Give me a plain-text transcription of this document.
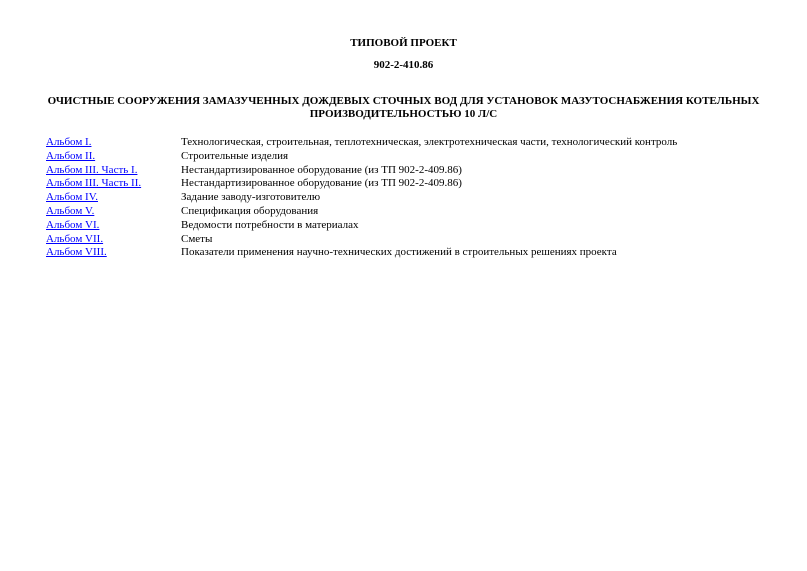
ТИПОВОЙ ПРОЕКТ
902-2-410.86
ОЧИСТНЫЕ СООРУЖЕНИЯ ЗАМАЗУЧЕННЫХ ДОЖДЕВЫХ СТОЧНЫХ ВОД ДЛЯ УСТАНОВОК МАЗУТОСНАБЖЕНИЯ КОТЕЛЬНЫХ ПРОИЗВОДИТЕЛЬНОСТЬЮ 10 Л/С
Альбом I.	Технологическая, строительная, теплотехническая, электротехническая части, технологический контроль
Альбом II.	Строительные изделия
Альбом III. Часть I.	Нестандартизированное оборудование (из ТП 902-2-409.86)
Альбом III. Часть II.	Нестандартизированное оборудование (из ТП 902-2-409.86)
Альбом IV.	Задание заводу-изготовителю
Альбом V.	Спецификация оборудования
Альбом VI.	Ведомости потребности в материалах
Альбом VII.	Сметы
Альбом VIII.	Показатели применения научно-технических достижений в строительных решениях проекта
